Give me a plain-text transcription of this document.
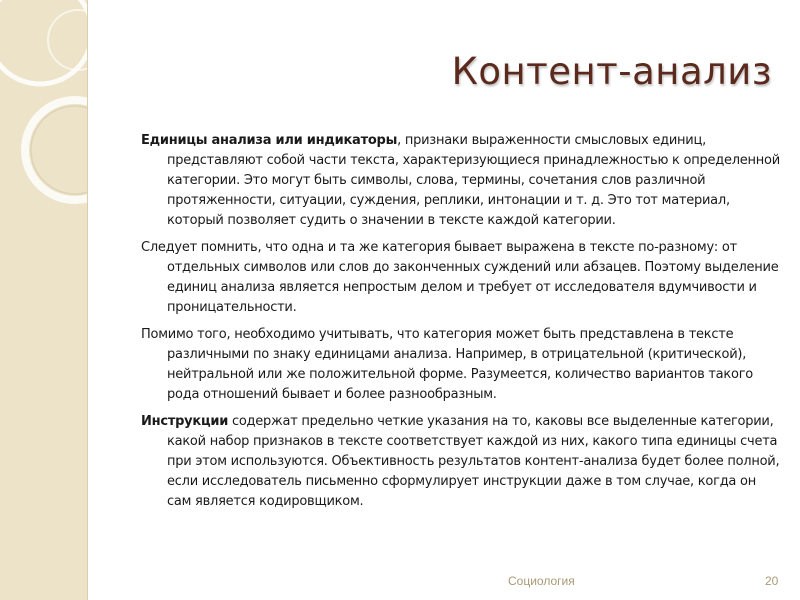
Контент-анализ

Единицы анализа или индикаторы, признаки выраженности смысловых единиц, представляют собой части текста, характеризующиеся принадлежностью к определенной категории. Это могут быть символы, слова, термины, сочетания слов различной протяженности, ситуации, суждения, реплики, интонации и т. д. Это тот материал, который позволяет судить о значении в тексте каждой категории.

Следует помнить, что одна и та же категория бывает выражена в тексте по-разному: от отдельных символов или слов до законченных суждений или абзацев. Поэтому выделение единиц анализа является непростым делом и требует от исследователя вдумчивости и проницательности.

Помимо того, необходимо учитывать, что категория может быть представлена в тексте различными по знаку единицами анализа. Например, в отрицательной (критической), нейтральной или же положительной форме. Разумеется, количество вариантов такого рода отношений бывает и более разнообразным.

Инструкции содержат предельно четкие указания на то, каковы все выделенные категории, какой набор признаков в тексте соответствует каждой из них, какого типа единицы счета при этом используются. Объективность результатов контент-анализа будет более полной, если исследователь письменно сформулирует инструкции даже в том случае, когда он сам является кодировщиком.

Социология	20
